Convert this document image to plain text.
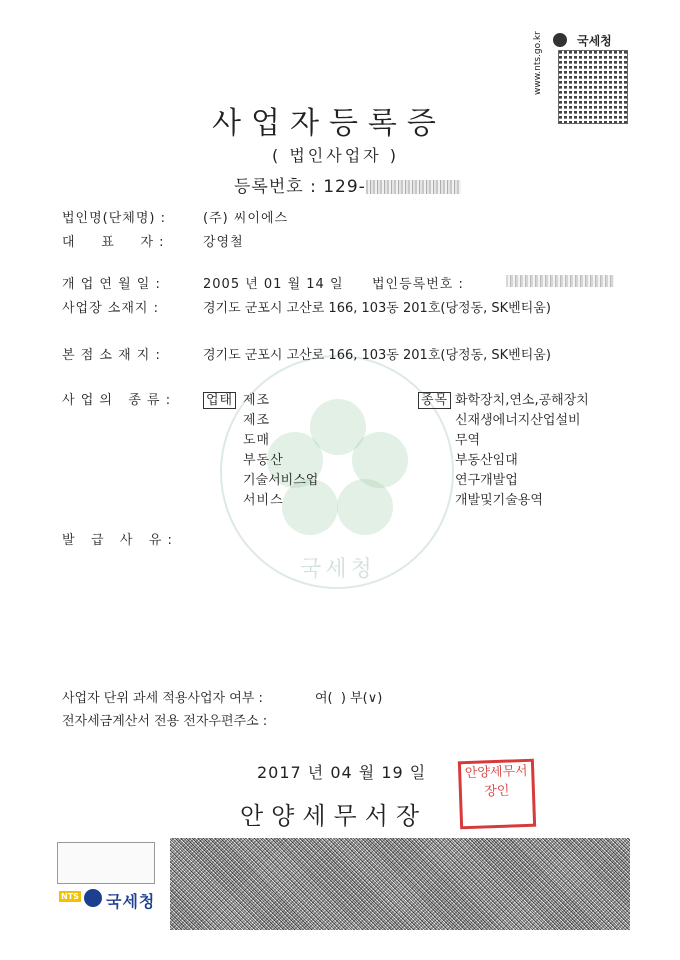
국세청
www.nts.go.kr
국세청
사업자등록증
( 법인사업자 )
등록번호 : 129-
법인명(단체명) :	(주) 씨이에스
대     표     자 :	강영철
개 업 연 월 일 :	2005 년 01 월 14 일 법인등록번호 :
사업장 소재지 :	경기도 군포시 고산로 166, 103동 201호(당정동, SK벤티움)
본 점 소 재 지 :	경기도 군포시 고산로 166, 103동 201호(당정동, SK벤티움)
사 업 의   종 류 :	업태	종목
제조	화학장치,연소,공해장치
제조	신재생에너지산업설비
도매	무역
부동산	부동산임대
기술서비스업	연구개발업
서비스	개발및기술용역
발   급   사   유 :
사업자 단위 과세 적용사업자 여부 :	여(  ) 부(∨)
전자세금계산서 전용 전자우편주소 :
2017 년 04 월 19 일
안양세무서장
안양세무서장인
NTS 국세청
